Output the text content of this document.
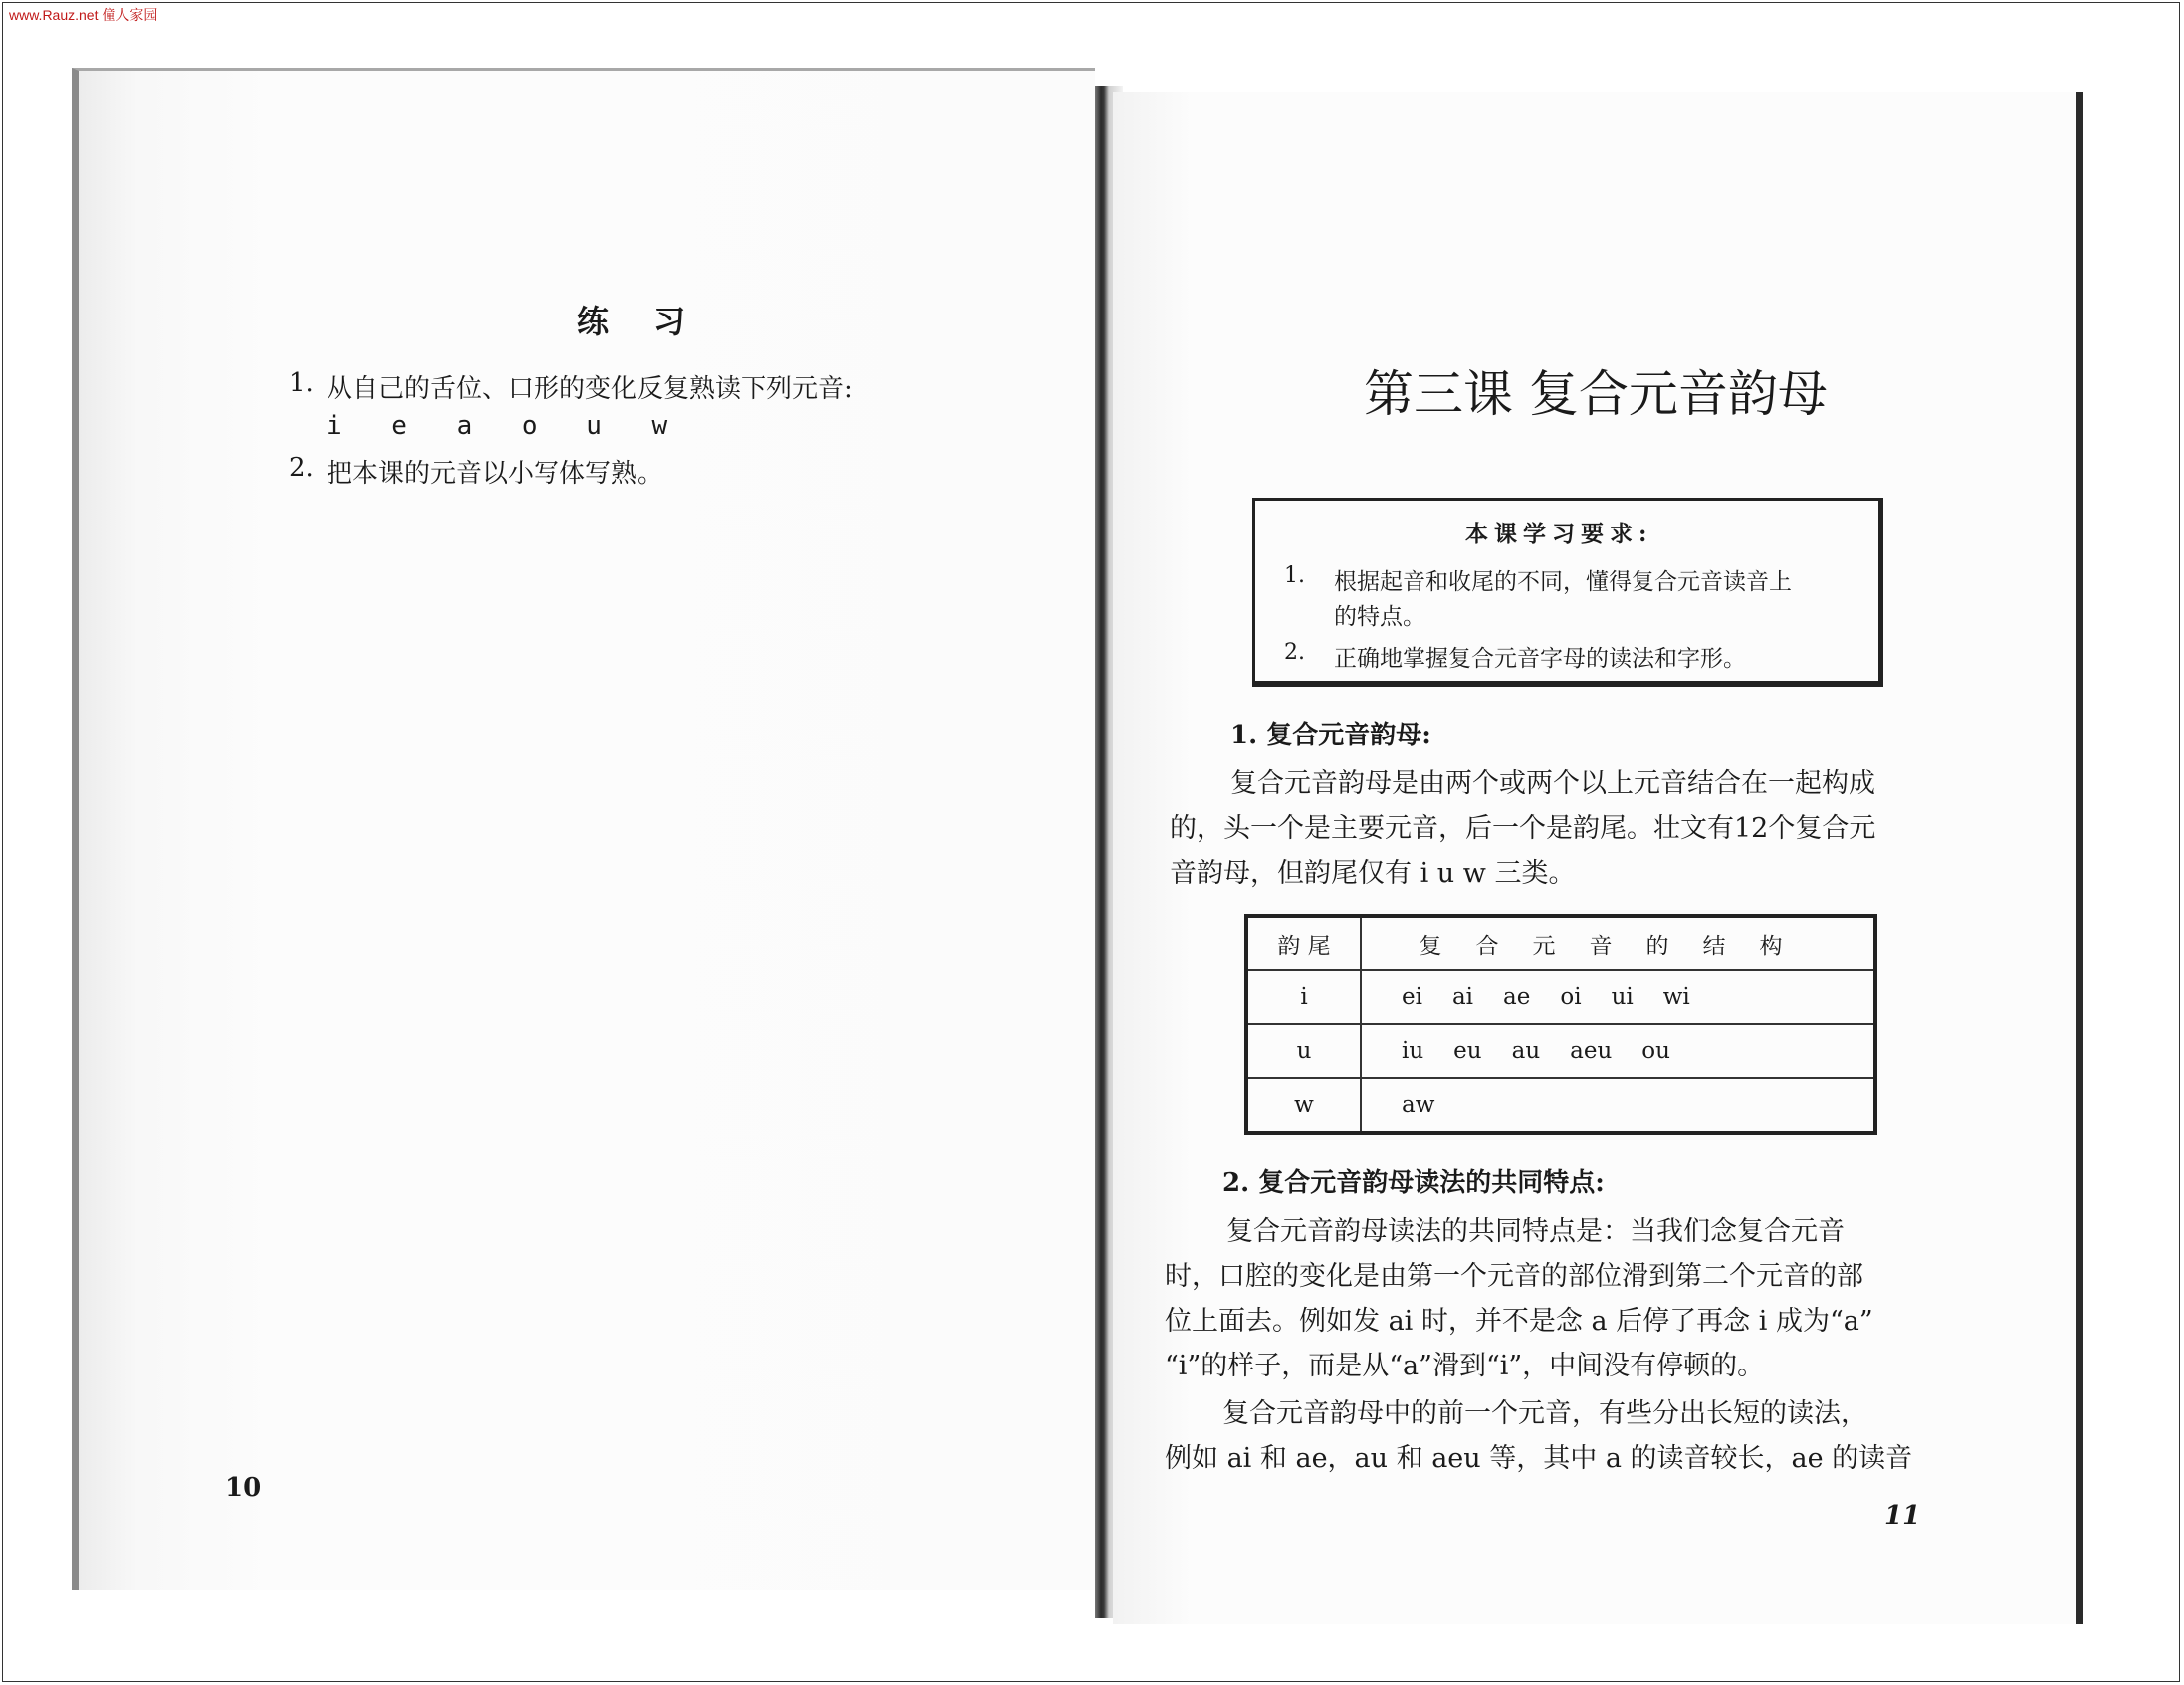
www.Rauz.net 僮人家园
练习
1. 从自己的舌位、口形的变化反复熟读下列元音:
i e a o u w
2. 把本课的元音以小写体写熟。
10
第三课 复合元音韵母
本课学习要求:
1. 根据起音和收尾的不同，懂得复合元音读音上
的特点。
2. 正确地掌握复合元音字母的读法和字形。
1. 复合元音韵母:
复合元音韵母是由两个或两个以上元音结合在一起构成
的，头一个是主要元音，后一个是韵尾。壮文有12个复合元
音韵母，但韵尾仅有 i u w 三类。
韵 尾	复合元音的结构
i	ei ai ae oi ui wi
u	iu eu au aeu ou
w	aw
2. 复合元音韵母读法的共同特点:
复合元音韵母读法的共同特点是：当我们念复合元音
时，口腔的变化是由第一个元音的部位滑到第二个元音的部
位上面去。例如发 ai 时，并不是念 a 后停了再念 i 成为“a”
“i”的样子，而是从“a”滑到“i”，中间没有停顿的。
复合元音韵母中的前一个元音，有些分出长短的读法，
例如 ai 和 ae，au 和 aeu 等，其中 a 的读音较长，ae 的读音
11
